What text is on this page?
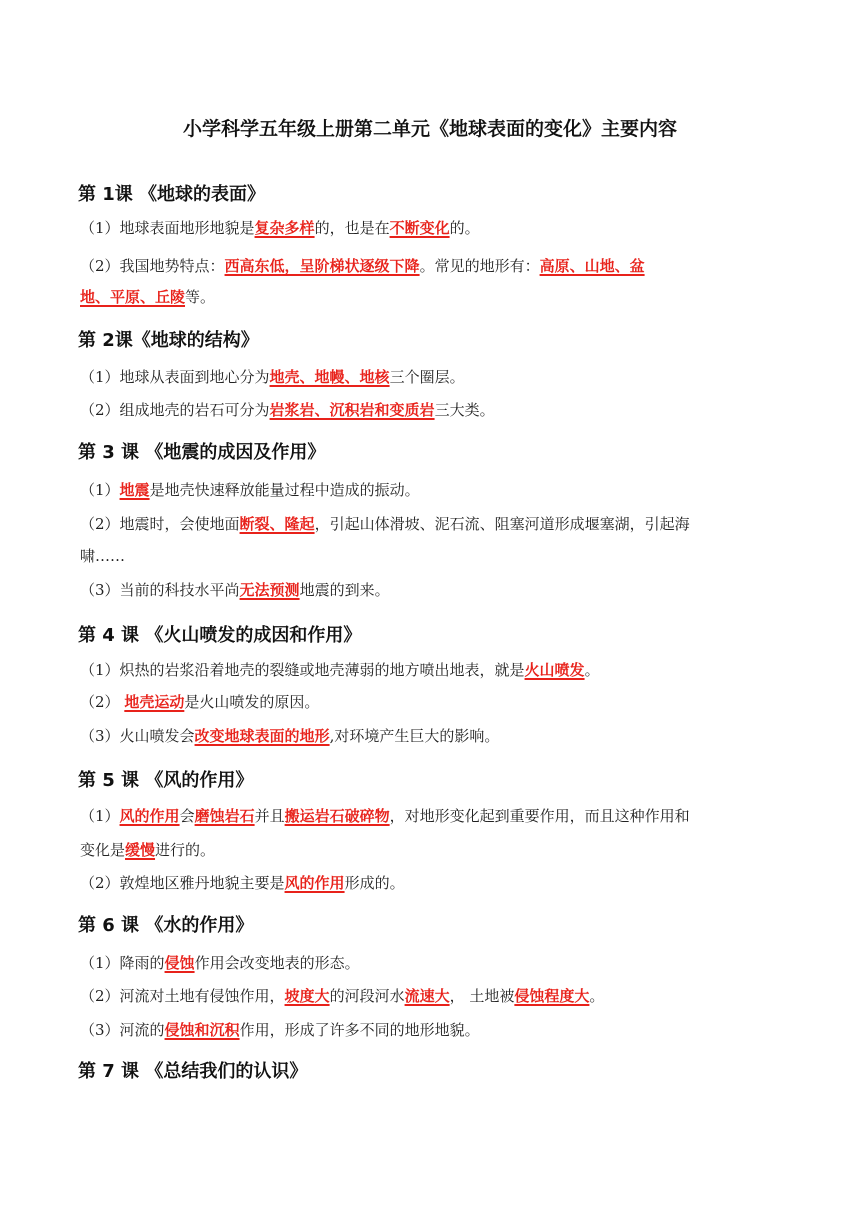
小学科学五年级上册第二单元《地球表面的变化》主要内容
第 1课 《地球的表面》
（1）地球表面地形地貌是复杂多样的，也是在不断变化的。
（2）我国地势特点：西高东低，呈阶梯状逐级下降。常见的地形有：高原、山地、盆
地、平原、丘陵等。
第 2课《地球的结构》
（1）地球从表面到地心分为地壳、地幔、地核三个圈层。
（2）组成地壳的岩石可分为岩浆岩、沉积岩和变质岩三大类。
第 3 课 《地震的成因及作用》
（1）地震是地壳快速释放能量过程中造成的振动。
（2）地震时，会使地面断裂、隆起，引起山体滑坡、泥石流、阻塞河道形成堰塞湖，引起海
啸……
（3）当前的科技水平尚无法预测地震的到来。
第 4 课 《火山喷发的成因和作用》
（1）炽热的岩浆沿着地壳的裂缝或地壳薄弱的地方喷出地表，就是火山喷发。
（2） 地壳运动是火山喷发的原因。
（3）火山喷发会改变地球表面的地形,对环境产生巨大的影响。
第 5 课 《风的作用》
（1）风的作用会磨蚀岩石并且搬运岩石破碎物，对地形变化起到重要作用，而且这种作用和
变化是缓慢进行的。
（2）敦煌地区雅丹地貌主要是风的作用形成的。
第 6 课 《水的作用》
（1）降雨的侵蚀作用会改变地表的形态。
（2）河流对土地有侵蚀作用，坡度大的河段河水流速大， 土地被侵蚀程度大。
（3）河流的侵蚀和沉积作用，形成了许多不同的地形地貌。
第 7 课 《总结我们的认识》
